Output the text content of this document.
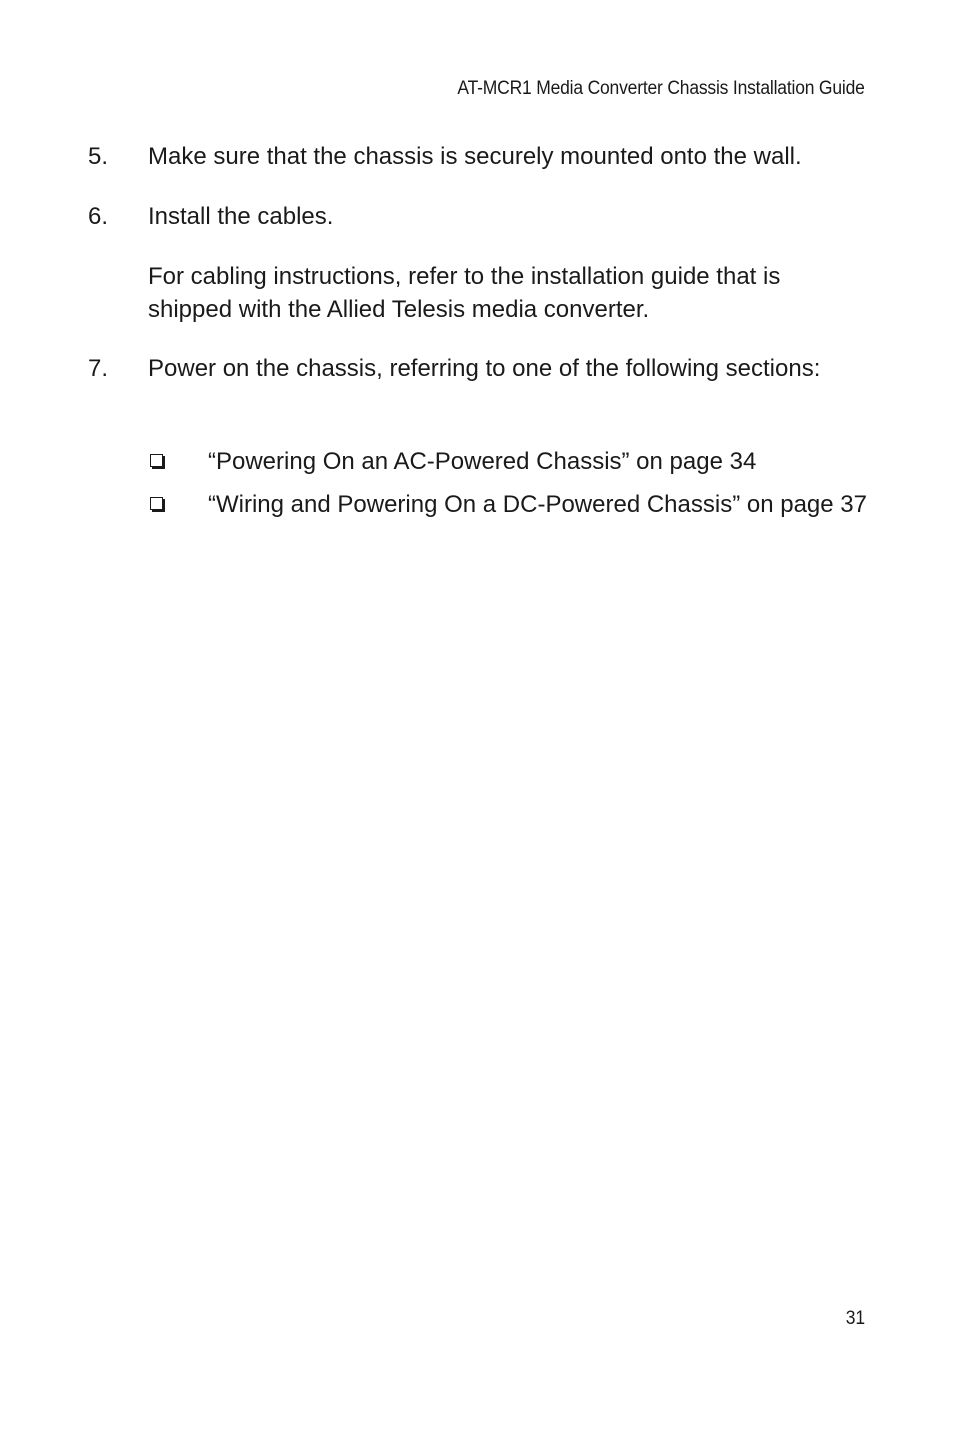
AT-MCR1 Media Converter Chassis Installation Guide
5. Make sure that the chassis is securely mounted onto the wall.
6. Install the cables.
For cabling instructions, refer to the installation guide that is shipped with the Allied Telesis media converter.
7. Power on the chassis, referring to one of the following sections:
“Powering On an AC-Powered Chassis” on page 34
“Wiring and Powering On a DC-Powered Chassis” on page 37
31
